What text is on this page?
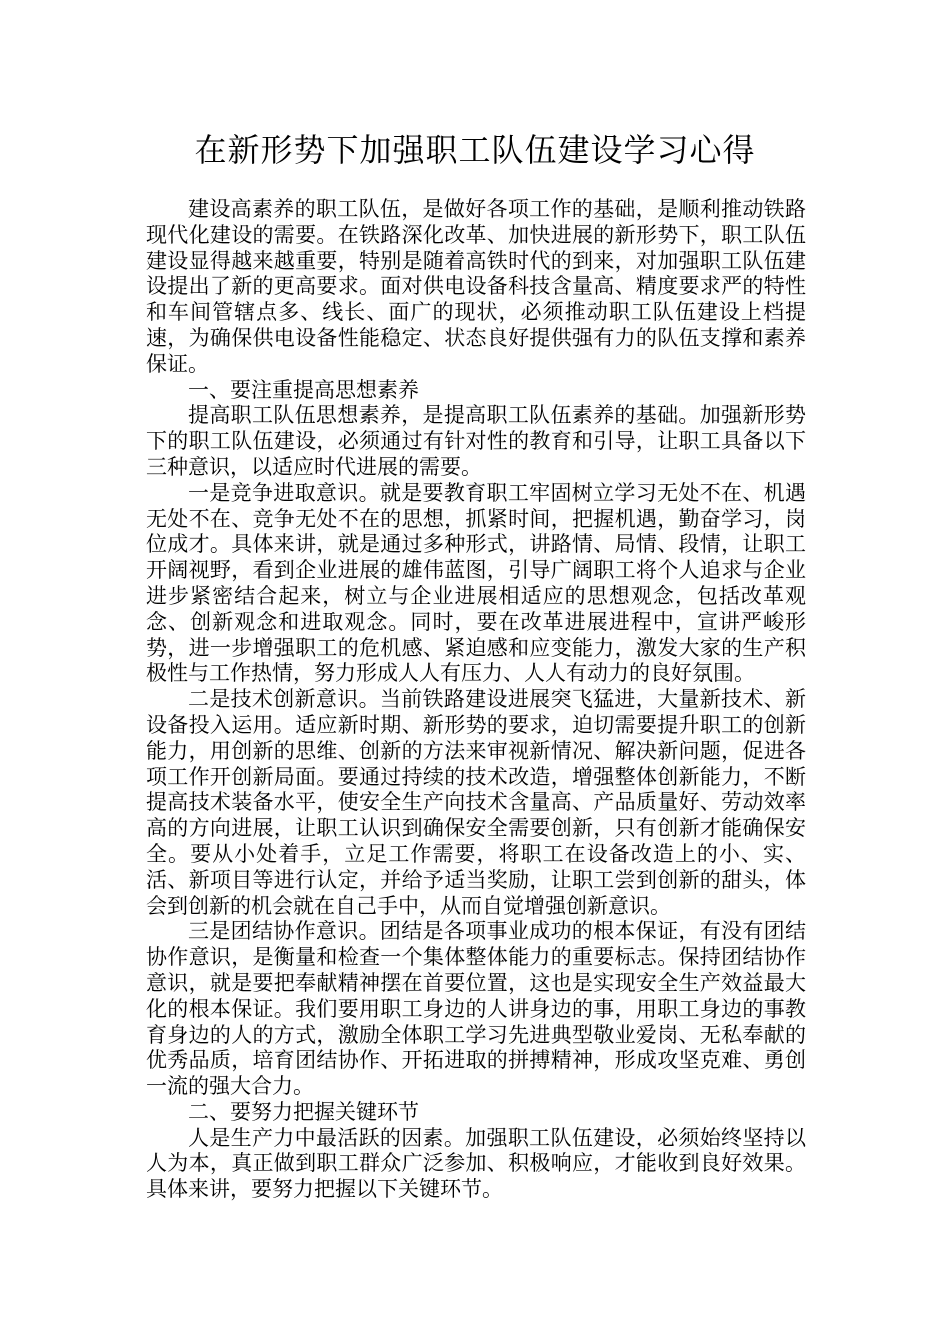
在新形势下加强职工队伍建设学习心得

建设高素养的职工队伍，是做好各项工作的基础，是顺利推动铁路现代化建设的需要。在铁路深化改革、加快进展的新形势下，职工队伍建设显得越来越重要，特别是随着高铁时代的到来，对加强职工队伍建设提出了新的更高要求。面对供电设备科技含量高、精度要求严的特性和车间管辖点多、线长、面广的现状，必须推动职工队伍建设上档提速，为确保供电设备性能稳定、状态良好提供强有力的队伍支撑和素养保证。

一、要注重提高思想素养

提高职工队伍思想素养，是提高职工队伍素养的基础。加强新形势下的职工队伍建设，必须通过有针对性的教育和引导，让职工具备以下三种意识，以适应时代进展的需要。

一是竞争进取意识。就是要教育职工牢固树立学习无处不在、机遇无处不在、竞争无处不在的思想，抓紧时间，把握机遇，勤奋学习，岗位成才。具体来讲，就是通过多种形式，讲路情、局情、段情，让职工开阔视野，看到企业进展的雄伟蓝图，引导广阔职工将个人追求与企业进步紧密结合起来，树立与企业进展相适应的思想观念，包括改革观念、创新观念和进取观念。同时，要在改革进展进程中，宣讲严峻形势，进一步增强职工的危机感、紧迫感和应变能力，激发大家的生产积极性与工作热情，努力形成人人有压力、人人有动力的良好氛围。

二是技术创新意识。当前铁路建设进展突飞猛进，大量新技术、新设备投入运用。适应新时期、新形势的要求，迫切需要提升职工的创新能力，用创新的思维、创新的方法来审视新情况、解决新问题，促进各项工作开创新局面。要通过持续的技术改造，增强整体创新能力，不断提高技术装备水平，使安全生产向技术含量高、产品质量好、劳动效率高的方向进展，让职工认识到确保安全需要创新，只有创新才能确保安全。要从小处着手，立足工作需要，将职工在设备改造上的小、实、活、新项目等进行认定，并给予适当奖励，让职工尝到创新的甜头，体会到创新的机会就在自己手中，从而自觉增强创新意识。

三是团结协作意识。团结是各项事业成功的根本保证，有没有团结协作意识，是衡量和检查一个集体整体能力的重要标志。保持团结协作意识，就是要把奉献精神摆在首要位置，这也是实现安全生产效益最大化的根本保证。我们要用职工身边的人讲身边的事，用职工身边的事教育身边的人的方式，激励全体职工学习先进典型敬业爱岗、无私奉献的优秀品质，培育团结协作、开拓进取的拼搏精神，形成攻坚克难、勇创一流的强大合力。

二、要努力把握关键环节

人是生产力中最活跃的因素。加强职工队伍建设，必须始终坚持以人为本，真正做到职工群众广泛参加、积极响应，才能收到良好效果。具体来讲，要努力把握以下关键环节。
